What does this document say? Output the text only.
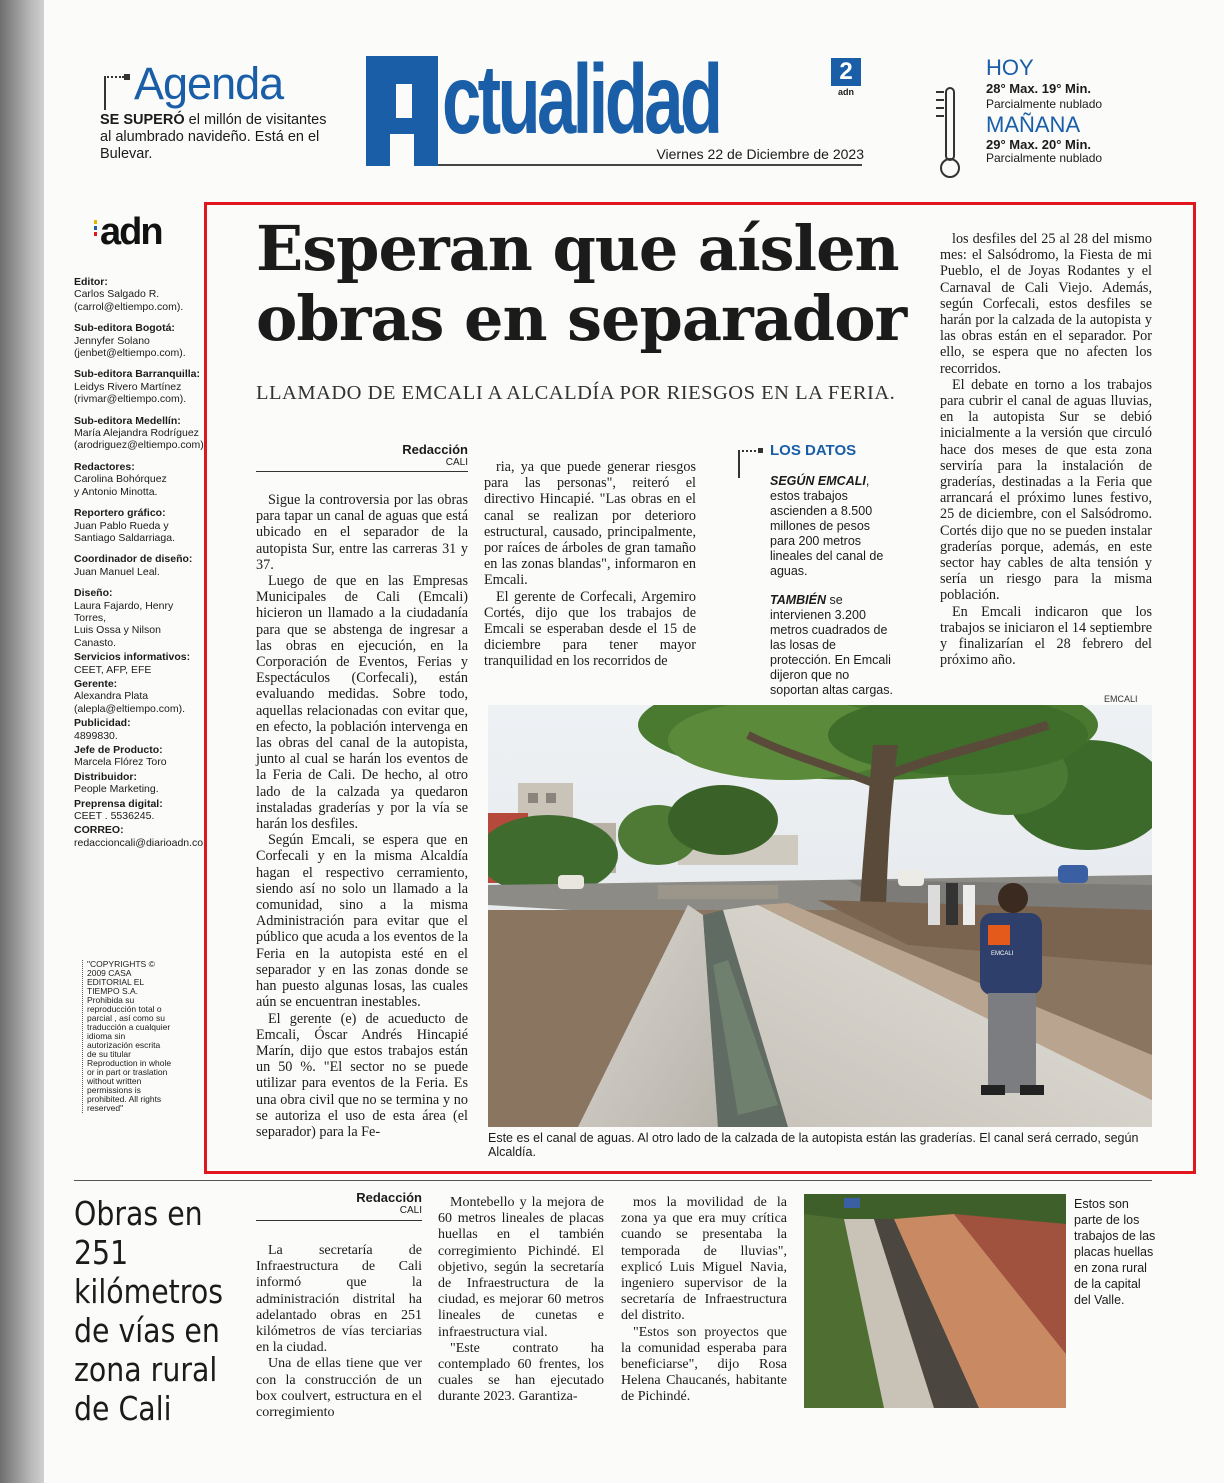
Agenda
SE SUPERÓ el millón de visitantes al alumbrado navideño. Está en el Bulevar.	ctualidad
Viernes 22 de Diciembre de 2023
2
adn
HOY
28° Max. 19° Min.
Parcialmente nublado
MAÑANA
29° Max. 20° Min.
Parcialmente nublado
adn
Editor:
Carlos Salgado R.
(carrol@eltiempo.com).
Sub-editora Bogotá:
Jennyfer Solano
(jenbet@eltiempo.com).
Sub-editora Barranquilla:
Leidys Rivero Martínez
(rivmar@eltiempo.com).
Sub-editora Medellín:
María Alejandra Rodríguez
(arodriguez@eltiempo.com).
Redactores:
Carolina Bohórquez
y Antonio Minotta.
Reportero gráfico:
Juan Pablo Rueda y
Santiago Saldarriaga.
Coordinador de diseño:
Juan Manuel Leal.
Diseño:
Laura Fajardo, Henry Torres,
Luis Ossa y Nilson Canasto.
Servicios informativos:
CEET, AFP, EFE
Gerente:
Alexandra Plata
(alepla@eltiempo.com).
Publicidad:
4899830.
Jefe de Producto:
Marcela Flórez Toro
Distribuidor:
People Marketing.
Preprensa digital:
CEET . 5536245.
CORREO:
redaccioncali@diarioadn.co
"COPYRIGHTS © 2009 CASA EDITORIAL EL TIEMPO S.A. Prohibida su reproducción total o parcial , así como su traducción a cualquier idioma sin autorización escrita de su titular Reproduction in whole or in part or traslation without written permissions is prohibited. All rights reserved"
Esperan que aíslen obras en separador
LLAMADO DE EMCALI A ALCALDÍA POR RIESGOS EN LA FERIA.
Redacción
CALI

Sigue la controversia por las obras para tapar un canal de aguas que está ubicado en el separador de la autopista Sur, entre las carreras 31 y 37.

Luego de que en las Empresas Municipales de Cali (Emcali) hicieron un llamado a la ciudadanía para que se abstenga de ingresar a las obras en ejecución, en la Corporación de Eventos, Ferias y Espectáculos (Corfecali), están evaluando medidas. Sobre todo, aquellas relacionadas con evitar que, en efecto, la población intervenga en las obras del canal de la autopista, junto al cual se harán los eventos de la Feria de Cali. De hecho, al otro lado de la calzada ya quedaron instaladas graderías y por la vía se harán los desfiles.

Según Emcali, se espera que en Corfecali y en la misma Alcaldía hagan el respectivo cerramiento, siendo así no solo un llamado a la comunidad, sino a la misma Administración para evitar que el público que acuda a los eventos de la Feria en la autopista esté en el separador y en las zonas donde se han puesto algunas losas, las cuales aún se encuentran inestables.

El gerente (e) de acueducto de Emcali, Óscar Andrés Hincapié Marín, dijo que estos trabajos están un 50 %. "El sector no se puede utilizar para eventos de la Feria. Es una obra civil que no se termina y no se autoriza el uso de esta área (el separador) para la Fe-

ria, ya que puede generar riesgos para las personas", reiteró el directivo Hincapié. "Las obras en el canal se realizan por deterioro estructural, causado, principalmente, por raíces de árboles de gran tamaño en las zonas blandas", informaron en Emcali.

El gerente de Corfecali, Argemiro Cortés, dijo que los trabajos de Emcali se esperaban desde el 15 de diciembre para tener mayor tranquilidad en los recorridos de

los desfiles del 25 al 28 del mismo mes: el Salsódromo, la Fiesta de mi Pueblo, el de Joyas Rodantes y el Carnaval de Cali Viejo. Además, según Corfecali, estos desfiles se harán por la calzada de la autopista y las obras están en el separador. Por ello, se espera que no afecten los recorridos.

El debate en torno a los trabajos para cubrir el canal de aguas lluvias, en la autopista Sur se debió inicialmente a la versión que circuló hace dos meses de que esta zona serviría para la instalación de graderías, destinadas a la Feria que arrancará el próximo lunes festivo, 25 de diciembre, con el Salsódromo. Cortés dijo que no se pueden instalar graderías porque, además, en este sector hay cables de alta tensión y sería un riesgo para la misma población.

En Emcali indicaron que los trabajos se iniciaron el 14 septiembre y finalizarían el 28 febrero del próximo año.

LOS DATOS
SEGÚN EMCALI, estos trabajos ascienden a 8.500 millones de pesos para 200 metros lineales del canal de aguas.
TAMBIÉN se intervienen 3.200 metros cuadrados de las losas de protección. En Emcali dijeron que no soportan altas cargas.
EMCALI
EMCALI
Este es el canal de aguas. Al otro lado de la calzada de la autopista están las graderías. El canal será cerrado, según Alcaldía.
Obras en 251 kilómetros de vías en zona rural de Cali
Redacción
CALI

La secretaría de Infraestructura de Cali informó que la administración distrital ha adelantado obras en 251 kilómetros de vías terciarias en la ciudad.

Una de ellas tiene que ver con la construcción de un box coulvert, estructura en el corregimiento

Montebello y la mejora de 60 metros lineales de placas huellas en el también corregimiento Pichindé. El objetivo, según la secretaría de Infraestructura de la ciudad, es mejorar 60 metros lineales de cunetas e infraestructura vial.

"Este contrato ha contemplado 60 frentes, los cuales se han ejecutado durante 2023. Garantiza-

mos la movilidad de la zona ya que era muy crítica cuando se presentaba la temporada de lluvias", explicó Luis Miguel Navia, ingeniero supervisor de la secretaría de Infraestructura del distrito.

"Estos son proyectos que la comunidad esperaba para beneficiarse", dijo Rosa Helena Chaucanés, habitante de Pichindé.

Estos son parte de los trabajos de las placas huellas en zona rural de la capital del Valle.
